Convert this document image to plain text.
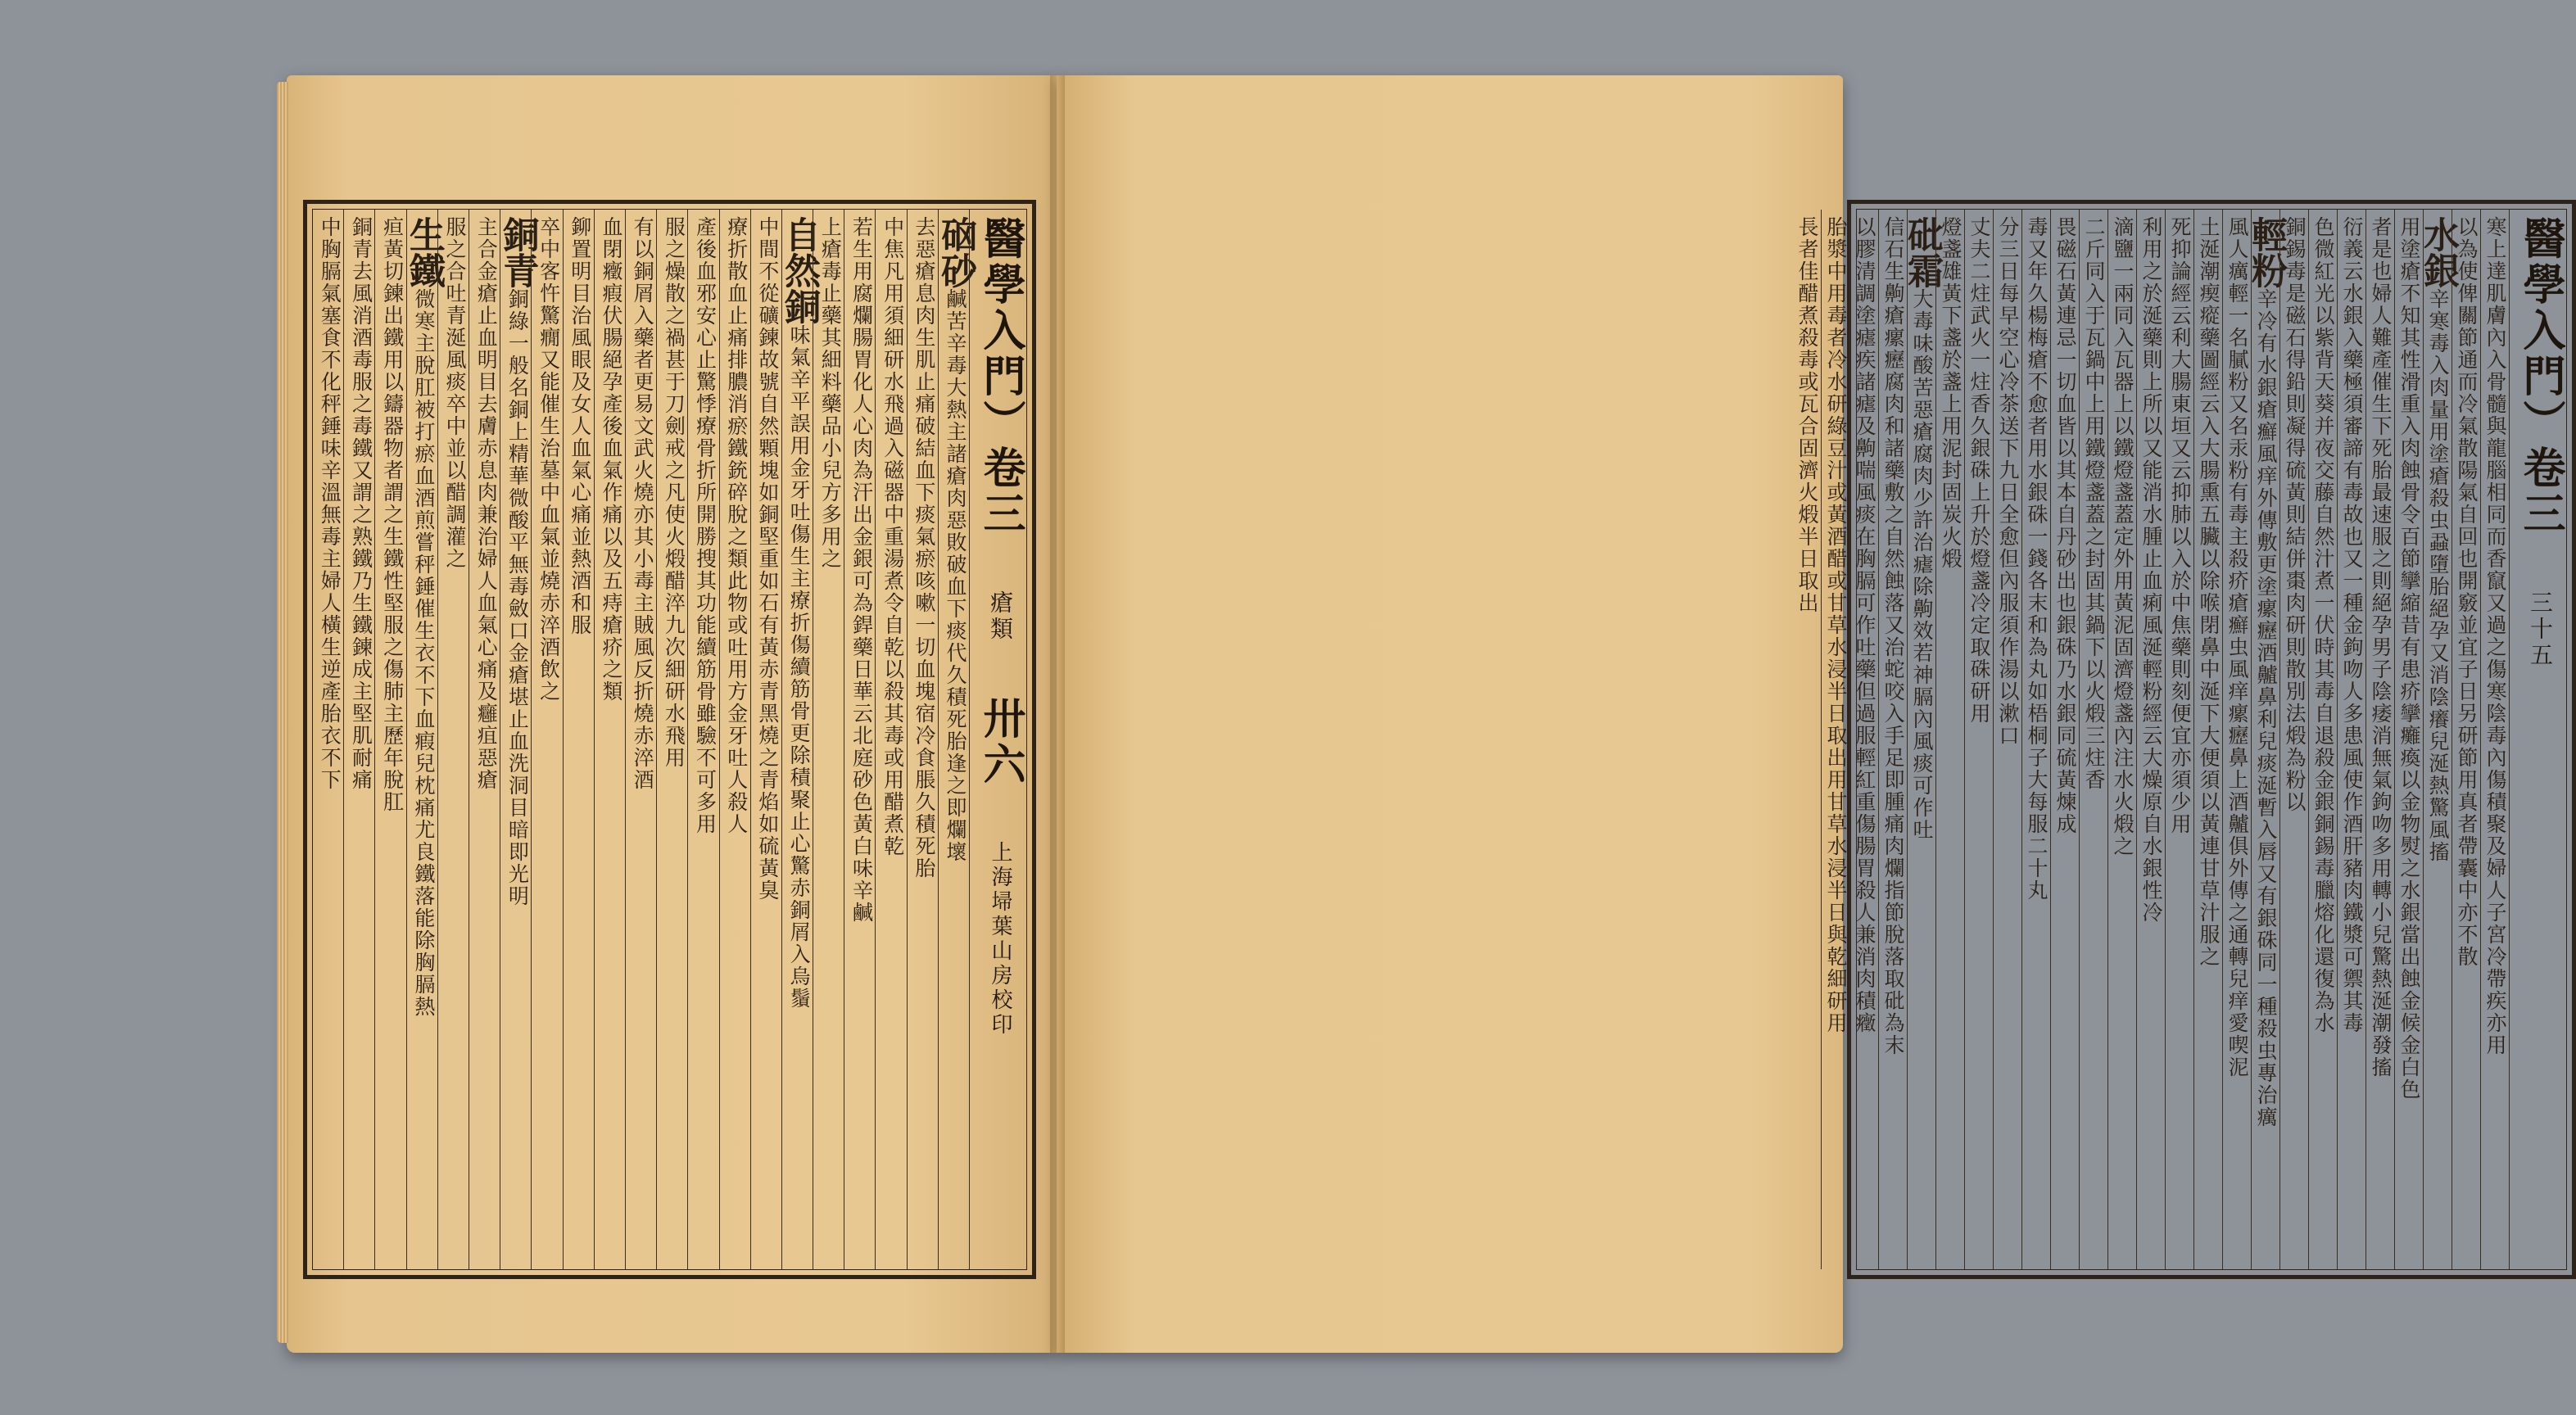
醫學入門︶卷三 瘡類 卅六 上海埽葉山房校印
硇砂鹹苦辛毒大熱主諸瘡肉惡敗破血下痰代久積死胎逢之即爛壞
去惡瘡息肉生肌止痛破結血下痰氣瘀咳嗽一切血塊宿冷食脹久積死胎
中焦凡用須細研水飛過入磁器中重湯煮令自乾以殺其毒或用醋煮乾
若生用腐爛腸胃化人心肉為汗出金銀可為銲藥日華云北庭砂色黃白味辛鹹
上瘡毒止藥其細料藥品小兒方多用之
自然銅味氣辛平誤用金牙吐傷生主療折傷續筋骨更除積聚止心驚赤銅屑入烏鬚
中間不從礦鍊故號自然顆塊如銅堅重如石有黃赤青黑燒之青焰如硫黃臭
療折散血止痛排膿消瘀鐵銃碎脫之類此物或吐用方金牙吐人殺人
產後血邪安心止驚悸療骨折所開勝搜其功能續筋骨雖驗不可多用
服之燥散之禍甚于刀劍戒之凡使火煅醋淬九次細研水飛用
有以銅屑入藥者更易文武火燒亦其小毒主賊風反折燒赤淬酒
血閉癥瘕伏腸絕孕產後血氣作痛以及五痔瘡疥之類
鉚置明目治風眼及女人血氣心痛並熱酒和服
卒中客忤驚癇又能催生治墓中血氣並燒赤淬酒飲之
銅青銅綠一般名銅上精華微酸平無毒斂口金瘡堪止血洗洞目暗即光明
主合金瘡止血明目去膚赤息肉兼治婦人血氣心痛及癰疽惡瘡
服之合吐青涎風痰卒中並以醋調灌之
生鐵微寒主脫肛被打瘀血酒煎嘗秤錘催生衣不下血瘕兒枕痛尤良鐵落能除胸膈熱
疸黃切鍊出鐵用以鑄器物者謂之生鐵性堅服之傷肺主歷年脫肛
銅青去風消酒毒服之毒鐵又謂之熟鐵乃生鐵鍊成主堅肌耐痛
中胸膈氣塞食不化秤錘味辛溫無毒主婦人橫生逆產胎衣不下	醫學入門︶卷三 三十五
寒上達肌膚內入骨髓與龍腦相同而香竄又過之傷寒陰毒內傷積聚及婦人子宮冷帶疾亦用
以為使俾關節通而冷氣散陽氣自回也開竅並宜子日另研節用真者帶囊中亦不散
水銀辛寒毒入肉量用塗瘡殺虫蝨墮胎絕孕又消陰癢兒涎熱驚風搐
用塗瘡不知其性滑重入肉蝕骨令百節攣縮昔有患疥攣癱瘓以金物熨之水銀當出蝕金候金白色
者是也婦人難產催生下死胎最速服之則絕孕男子陰痿消無氣鉤吻多用轉小兒驚熱涎潮發搐
衍義云水銀入藥極須審諦有毒故也又一種金鉤吻人多患風使作酒肝豬肉鐵漿可禦其毒
色微紅光以紫背天葵并夜交藤自然汁煮一伏時其毒自退殺金銀銅錫毒臘熔化還復為水
銅錫毒是磁石得鉛則凝得硫黃則結併棗肉研則散別法煅為粉以
輕粉辛冷有水銀瘡癬風痒外傳敷更塗瘰癧酒齇鼻利兒痰涎暫入唇又有銀硃同一種殺虫專治癘
風人癘輕一名膩粉又名汞粉有毒主殺疥瘡癬虫風痒瘰癧鼻上酒齇俱外傳之通轉兒痒愛喫泥
土涎潮瘈瘲藥圖經云入大腸熏五臟以除喉閉鼻中涎下大便須以黃連甘草汁服之
死抑論經云利大腸東垣又云抑肺以入於中焦藥則刻便宜亦須少用
利用之於涎藥則上所以又能消水腫止血痢風涎輕粉經云大燥原自水銀性冷
滴鹽一兩同入瓦器上以鐵燈盞蓋定外用黃泥固濟燈盞內注水火煅之
二斤同入于瓦鍋中上用鐵燈盞蓋之封固其鍋下以火煅三炷香
畏磁石黃連忌一切血皆以其本自丹砂出也銀硃乃水銀同硫黃煉成
毒又年久楊梅瘡不愈者用水銀硃一錢各末和為丸如梧桐子大每服二十丸
分三日每早空心冷茶送下九日全愈但內服須作湯以漱口
丈夫二炷武火一炷香久銀硃上升於燈盞冷定取硃研用
燈盞雄黃下盞於盞上用泥封固炭火煅
砒霜大毒味酸苦惡瘡腐肉少許治瘧除齁效若神膈內風痰可作吐
信石生齁瘡瘰癧腐肉和諸藥敷之自然蝕落又治蛇咬入手足即腫痛肉爛指節脫落取砒為末
以膠清調塗瘧疾諸瘧及齁喘風痰在胸膈可作吐藥但過服輕紅重傷腸胃殺人兼消肉積癥
胎漿中用毒者冷水研綠豆汁或黃酒醋或甘草水浸半日取出用甘草水浸半日與乾細研用
長者佳醋煮殺毒或瓦合固濟火煅半日取出
